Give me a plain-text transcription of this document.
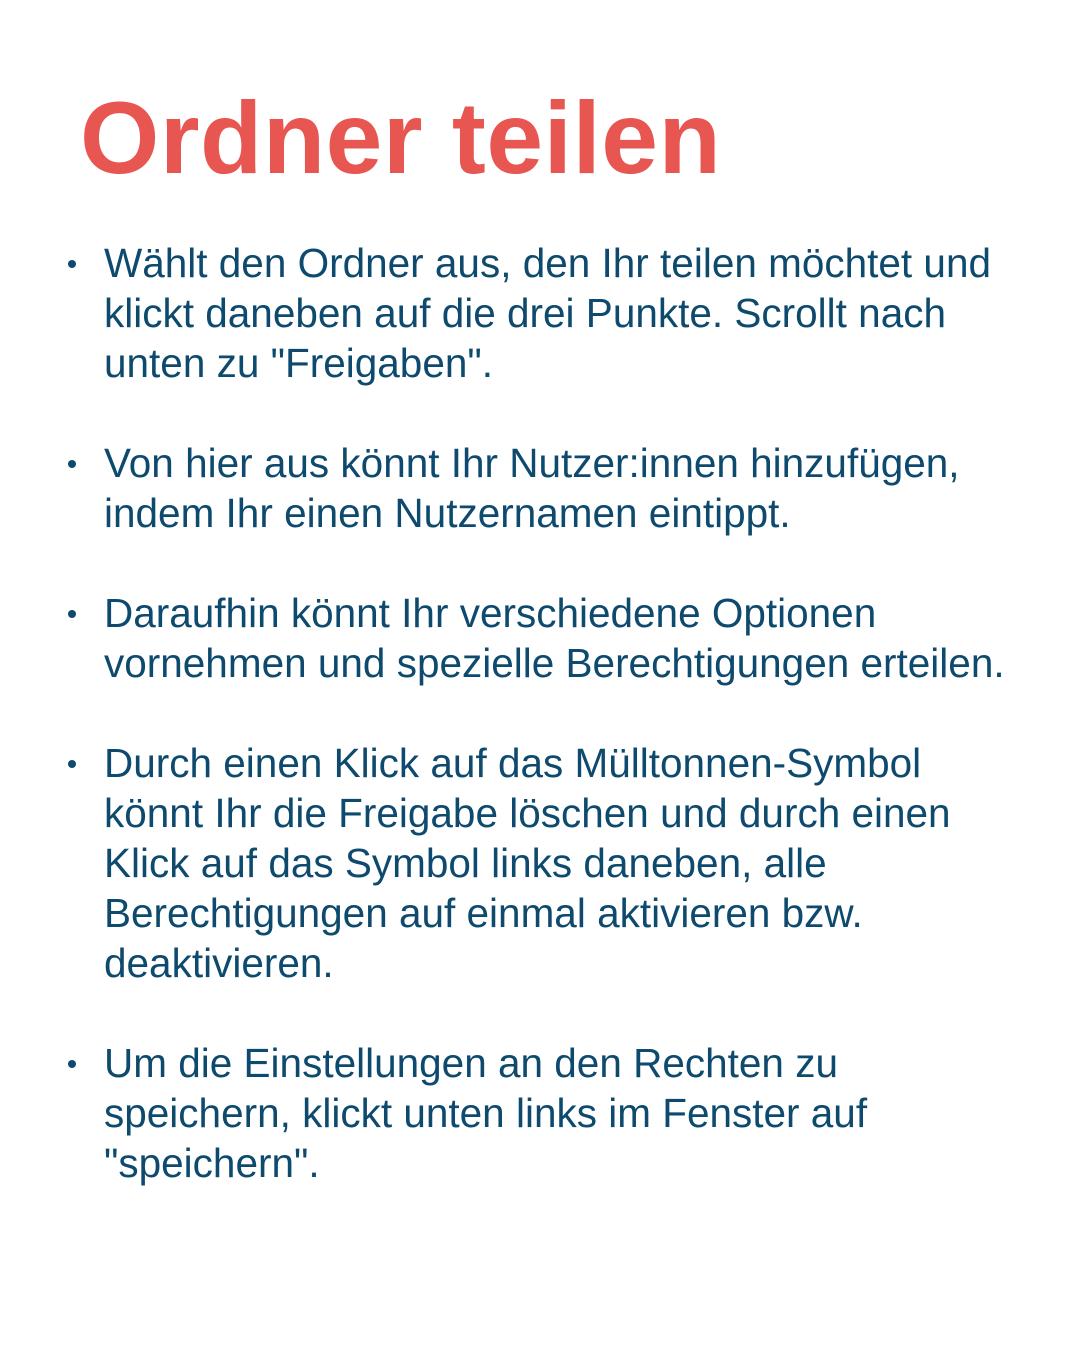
Ordner teilen
Wählt den Ordner aus, den Ihr teilen möchtet und klickt daneben auf die drei Punkte. Scrollt nach unten zu "Freigaben".
Von hier aus könnt Ihr Nutzer:innen hinzufügen, indem Ihr einen Nutzernamen eintippt.
Daraufhin könnt Ihr verschiedene Optionen vornehmen und spezielle Berechtigungen erteilen.
Durch einen Klick auf das Mülltonnen-Symbol könnt Ihr die Freigabe löschen und durch einen Klick auf das Symbol links daneben, alle Berechtigungen auf einmal aktivieren bzw. deaktivieren.
Um die Einstellungen an den Rechten zu speichern, klickt unten links im Fenster auf "speichern".
